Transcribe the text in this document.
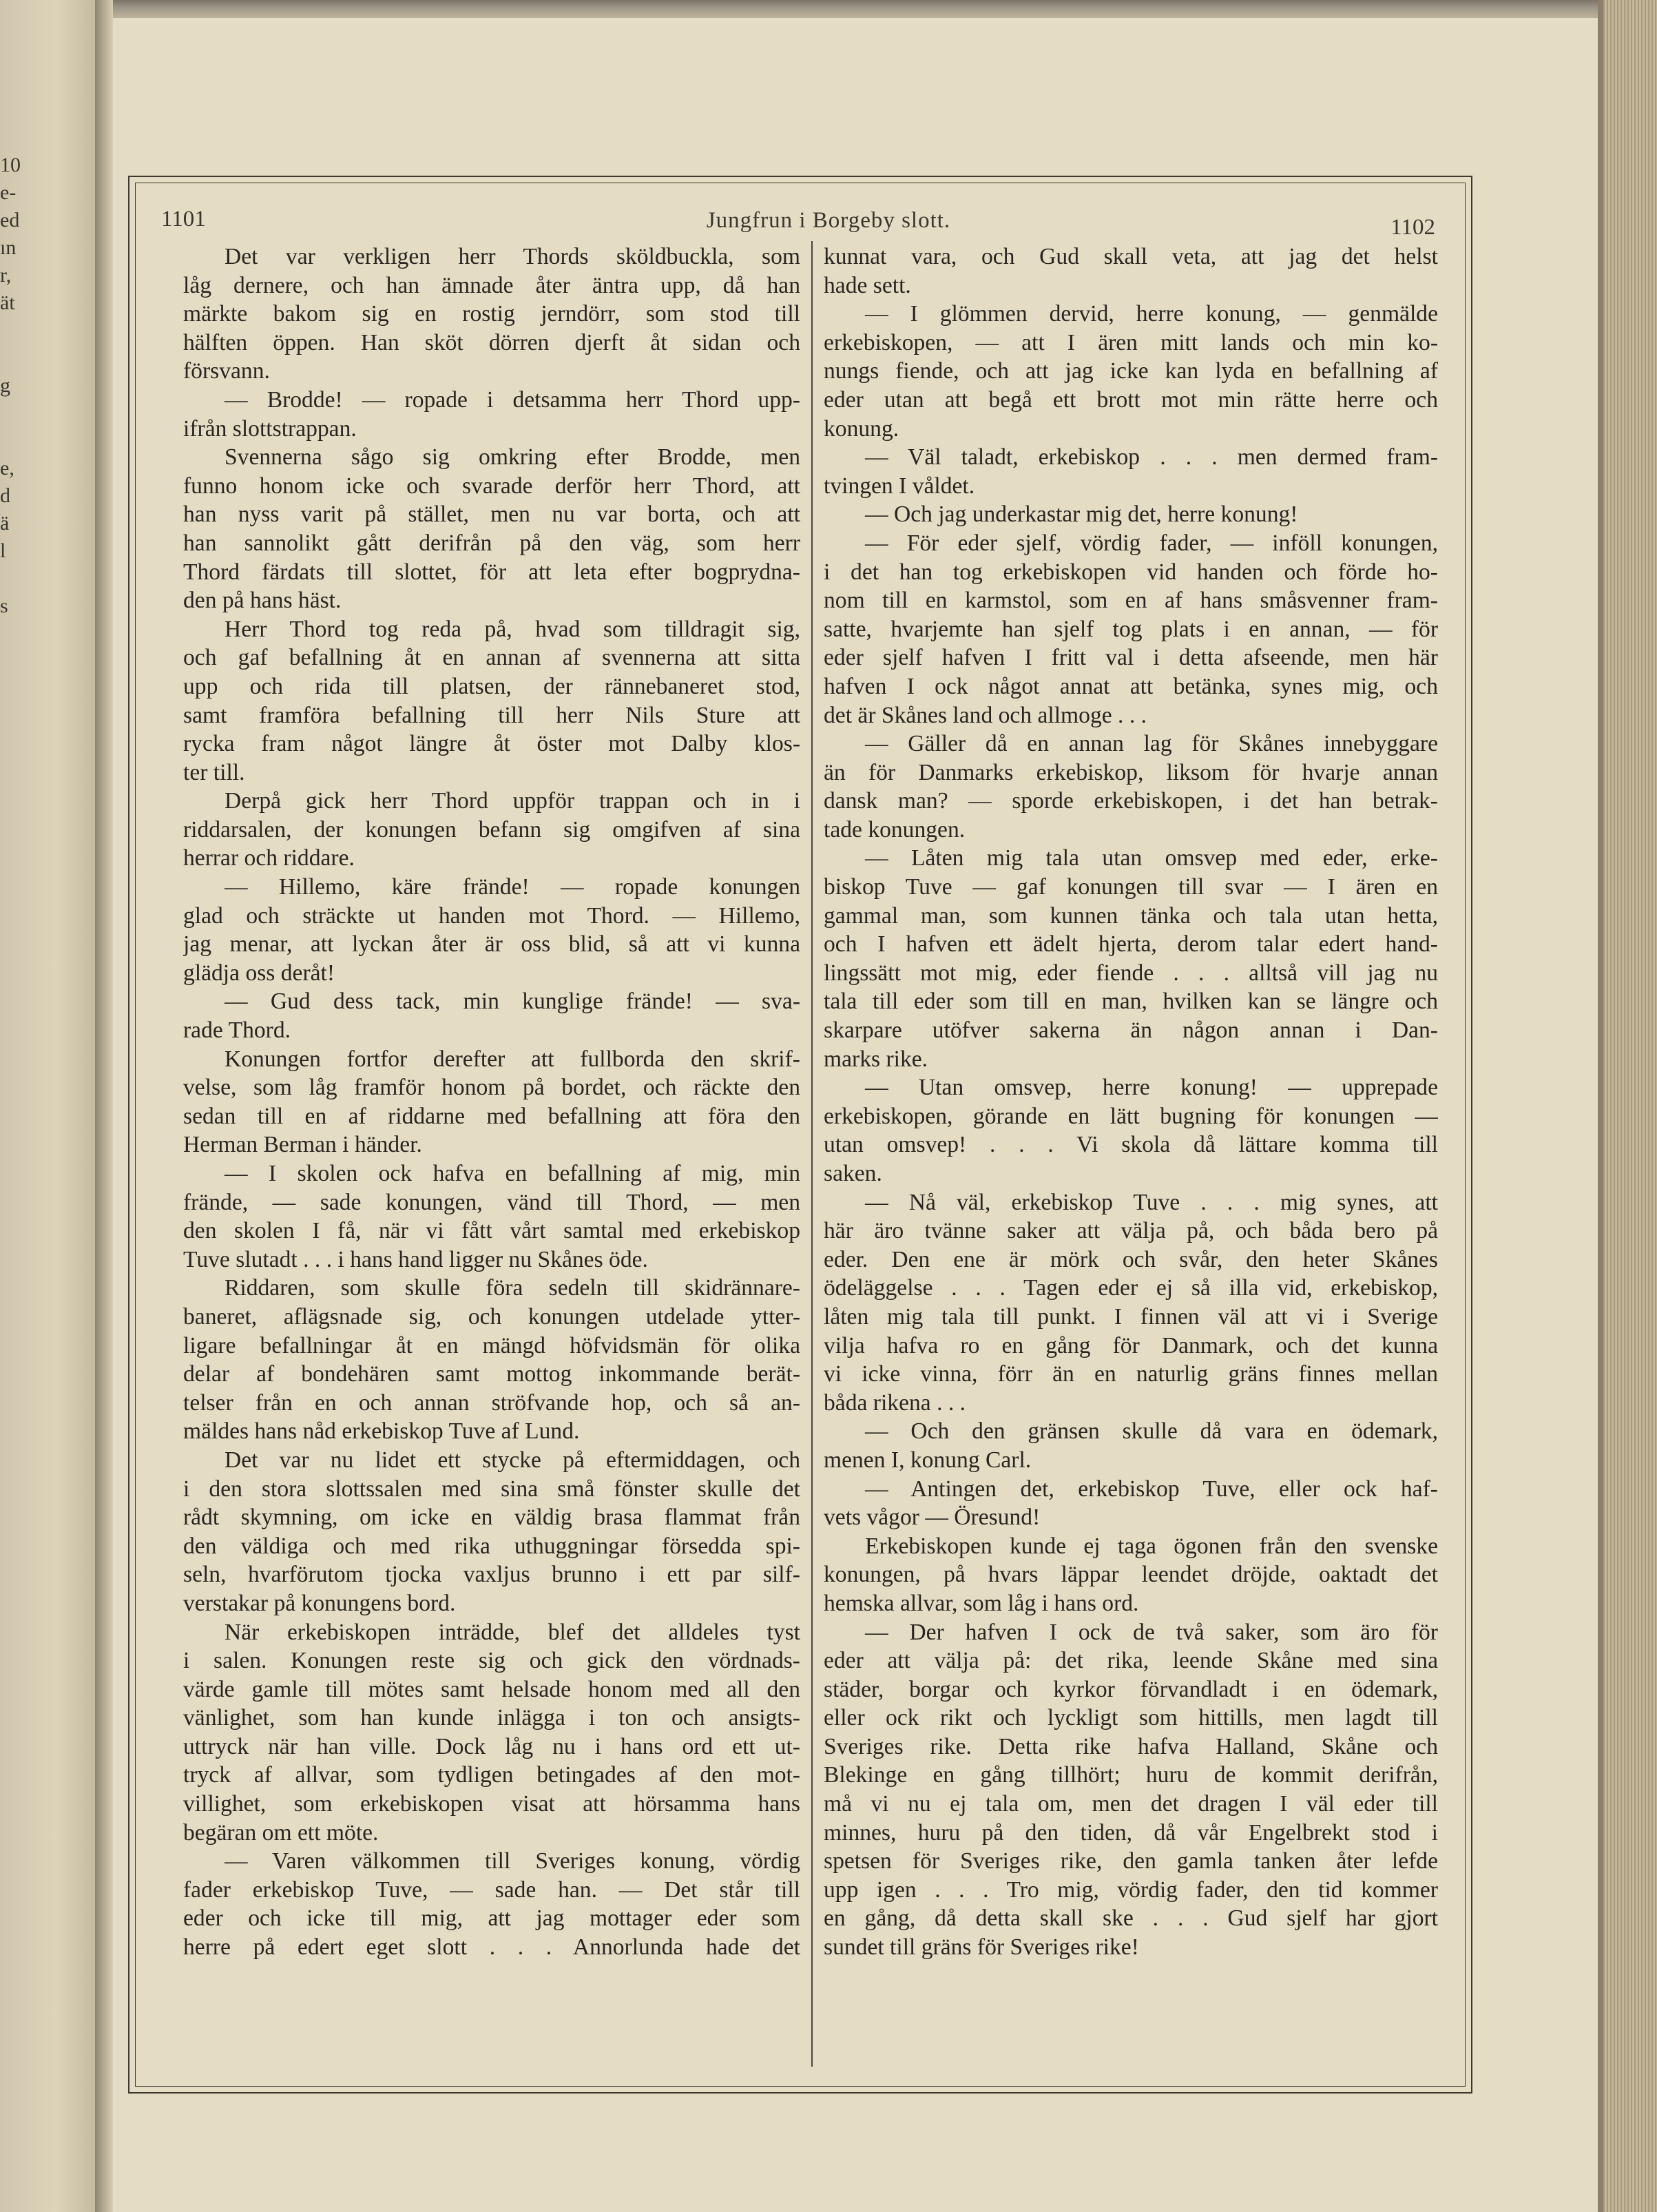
10
e-
ed
ın
r,
ät
g
e,
d
ä
l
s
1101	Jungfrun i Borgeby slott.	1102
Det var verkligen herr Thords sköldbuckla, som
låg dernere, och han ämnade åter äntra upp, då han
märkte bakom sig en rostig jerndörr, som stod till
hälften öppen. Han sköt dörren djerft åt sidan och
försvann.
— Brodde! — ropade i detsamma herr Thord upp-
ifrån slottstrappan.
Svennerna sågo sig omkring efter Brodde, men
funno honom icke och svarade derför herr Thord, att
han nyss varit på stället, men nu var borta, och att
han sannolikt gått derifrån på den väg, som herr
Thord färdats till slottet, för att leta efter bogprydna-
den på hans häst.
Herr Thord tog reda på, hvad som tilldragit sig,
och gaf befallning åt en annan af svennerna att sitta
upp och rida till platsen, der rännebaneret stod,
samt framföra befallning till herr Nils Sture att
rycka fram något längre åt öster mot Dalby klos-
ter till.
Derpå gick herr Thord uppför trappan och in i
riddarsalen, der konungen befann sig omgifven af sina
herrar och riddare.
— Hillemo, käre frände! — ropade konungen
glad och sträckte ut handen mot Thord. — Hillemo,
jag menar, att lyckan åter är oss blid, så att vi kunna
glädja oss deråt!
— Gud dess tack, min kunglige frände! — sva-
rade Thord.
Konungen fortfor derefter att fullborda den skrif-
velse, som låg framför honom på bordet, och räckte den
sedan till en af riddarne med befallning att föra den
Herman Berman i händer.
— I skolen ock hafva en befallning af mig, min
frände, — sade konungen, vänd till Thord, — men
den skolen I få, när vi fått vårt samtal med erkebiskop
Tuve slutadt . . . i hans hand ligger nu Skånes öde.
Riddaren, som skulle föra sedeln till skidrännare-
baneret, aflägsnade sig, och konungen utdelade ytter-
ligare befallningar åt en mängd höfvidsmän för olika
delar af bondehären samt mottog inkommande berät-
telser från en och annan ströfvande hop, och så an-
mäldes hans nåd erkebiskop Tuve af Lund.
Det var nu lidet ett stycke på eftermiddagen, och
i den stora slottssalen med sina små fönster skulle det
rådt skymning, om icke en väldig brasa flammat från
den väldiga och med rika uthuggningar försedda spi-
seln, hvarförutom tjocka vaxljus brunno i ett par silf-
verstakar på konungens bord.
När erkebiskopen inträdde, blef det alldeles tyst
i salen. Konungen reste sig och gick den vördnads-
värde gamle till mötes samt helsade honom med all den
vänlighet, som han kunde inlägga i ton och ansigts-
uttryck när han ville. Dock låg nu i hans ord ett ut-
tryck af allvar, som tydligen betingades af den mot-
villighet, som erkebiskopen visat att hörsamma hans
begäran om ett möte.
— Varen välkommen till Sveriges konung, vördig
fader erkebiskop Tuve, — sade han. — Det står till
eder och icke till mig, att jag mottager eder som
herre på edert eget slott . . . Annorlunda hade det
kunnat vara, och Gud skall veta, att jag det helst
hade sett.
— I glömmen dervid, herre konung, — genmälde
erkebiskopen, — att I ären mitt lands och min ko-
nungs fiende, och att jag icke kan lyda en befallning af
eder utan att begå ett brott mot min rätte herre och
konung.
— Väl taladt, erkebiskop . . . men dermed fram-
tvingen I våldet.
— Och jag underkastar mig det, herre konung!
— För eder sjelf, vördig fader, — inföll konungen,
i det han tog erkebiskopen vid handen och förde ho-
nom till en karmstol, som en af hans småsvenner fram-
satte, hvarjemte han sjelf tog plats i en annan, — för
eder sjelf hafven I fritt val i detta afseende, men här
hafven I ock något annat att betänka, synes mig, och
det är Skånes land och allmoge . . .
— Gäller då en annan lag för Skånes innebyggare
än för Danmarks erkebiskop, liksom för hvarje annan
dansk man? — sporde erkebiskopen, i det han betrak-
tade konungen.
— Låten mig tala utan omsvep med eder, erke-
biskop Tuve — gaf konungen till svar — I ären en
gammal man, som kunnen tänka och tala utan hetta,
och I hafven ett ädelt hjerta, derom talar edert hand-
lingssätt mot mig, eder fiende . . . alltså vill jag nu
tala till eder som till en man, hvilken kan se längre och
skarpare utöfver sakerna än någon annan i Dan-
marks rike.
— Utan omsvep, herre konung! — upprepade
erkebiskopen, görande en lätt bugning för konungen —
utan omsvep! . . . Vi skola då lättare komma till
saken.
— Nå väl, erkebiskop Tuve . . . mig synes, att
här äro tvänne saker att välja på, och båda bero på
eder. Den ene är mörk och svår, den heter Skånes
ödeläggelse . . . Tagen eder ej så illa vid, erkebiskop,
låten mig tala till punkt. I finnen väl att vi i Sverige
vilja hafva ro en gång för Danmark, och det kunna
vi icke vinna, förr än en naturlig gräns finnes mellan
båda rikena . . .
— Och den gränsen skulle då vara en ödemark,
menen I, konung Carl.
— Antingen det, erkebiskop Tuve, eller ock haf-
vets vågor — Öresund!
Erkebiskopen kunde ej taga ögonen från den svenske
konungen, på hvars läppar leendet dröjde, oaktadt det
hemska allvar, som låg i hans ord.
— Der hafven I ock de två saker, som äro för
eder att välja på: det rika, leende Skåne med sina
städer, borgar och kyrkor förvandladt i en ödemark,
eller ock rikt och lyckligt som hittills, men lagdt till
Sveriges rike. Detta rike hafva Halland, Skåne och
Blekinge en gång tillhört; huru de kommit derifrån,
må vi nu ej tala om, men det dragen I väl eder till
minnes, huru på den tiden, då vår Engelbrekt stod i
spetsen för Sveriges rike, den gamla tanken åter lefde
upp igen . . . Tro mig, vördig fader, den tid kommer
en gång, då detta skall ske . . . Gud sjelf har gjort
sundet till gräns för Sveriges rike!
